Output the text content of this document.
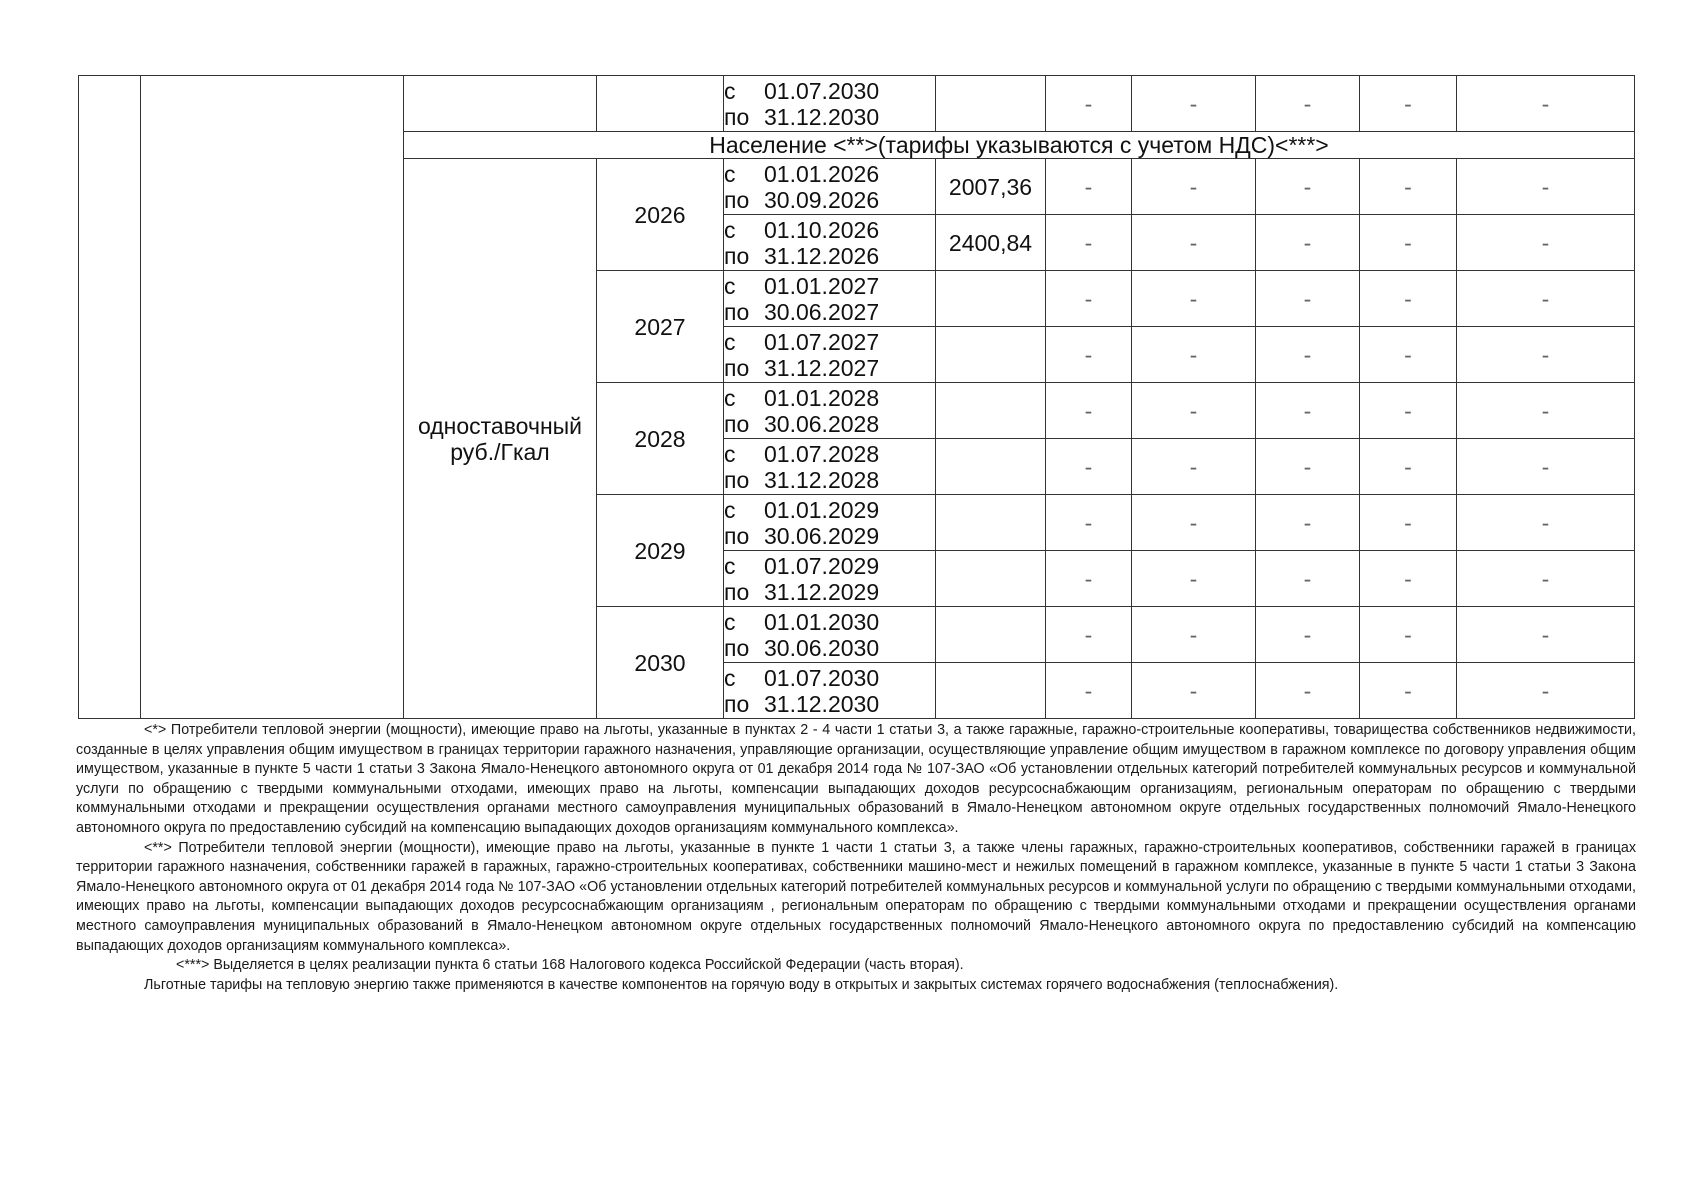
				с 01.07.2030
по 31.12.2030		-	-	-	-	-
		Население <**>(тарифы указываются с учетом НДС)<***>								
		одноставочный
руб./Гкал	2026	с 01.01.2026
по 30.09.2026	2007,36	-	-	-	-	-
				с 01.10.2026
по 31.12.2026	2400,84	-	-	-	-	-
			2027	с 01.01.2027
по 30.06.2027		-	-	-	-	-
				с 01.07.2027
по 31.12.2027		-	-	-	-	-
			2028	с 01.01.2028
по 30.06.2028		-	-	-	-	-
				с 01.07.2028
по 31.12.2028		-	-	-	-	-
			2029	с 01.01.2029
по 30.06.2029		-	-	-	-	-
				с 01.07.2029
по 31.12.2029		-	-	-	-	-
			2030	с 01.01.2030
по 30.06.2030		-	-	-	-	-
				с 01.07.2030
по 31.12.2030		-	-	-	-	-

<*> Потребители тепловой энергии (мощности), имеющие право на льготы, указанные в пунктах 2 - 4 части 1 статьи 3, а также гаражные, гаражно-строительные кооперативы, товарищества собственников недвижимости, созданные в целях управления общим имуществом в границах территории гаражного назначения, управляющие организации, осуществляющие управление общим имуществом в гаражном комплексе по договору управления общим имуществом, указанные в пункте 5 части 1 статьи 3 Закона Ямало-Ненецкого автономного округа от 01 декабря 2014 года № 107-ЗАО «Об установлении отдельных категорий потребителей коммунальных ресурсов и коммунальной услуги по обращению с твердыми коммунальными отходами, имеющих право на льготы, компенсации выпадающих доходов ресурсоснабжающим организациям, региональным операторам по обращению с твердыми коммунальными отходами и прекращении осуществления органами местного самоуправления муниципальных образований в Ямало-Ненецком автономном округе отдельных государственных полномочий Ямало-Ненецкого автономного округа по предоставлению субсидий на компенсацию выпадающих доходов организациям коммунального комплекса».

<**> Потребители тепловой энергии (мощности), имеющие право на льготы, указанные в пункте 1 части 1 статьи 3, а также члены гаражных, гаражно-строительных кооперативов, собственники гаражей в границах территории гаражного назначения, собственники гаражей в гаражных, гаражно-строительных кооперативах, собственники машино-мест и нежилых помещений в гаражном комплексе, указанные в пункте 5 части 1 статьи 3 Закона Ямало-Ненецкого автономного округа от 01 декабря 2014 года № 107-ЗАО «Об установлении отдельных категорий потребителей коммунальных ресурсов и коммунальной услуги по обращению с твердыми коммунальными отходами, имеющих право на льготы, компенсации выпадающих доходов ресурсоснабжающим организациям , региональным операторам по обращению с твердыми коммунальными отходами и прекращении осуществления органами местного самоуправления муниципальных образований в Ямало-Ненецком автономном округе отдельных государственных полномочий Ямало-Ненецкого автономного округа по предоставлению субсидий на компенсацию выпадающих доходов организациям коммунального комплекса».

<***> Выделяется в целях реализации пункта 6 статьи 168 Налогового кодекса Российской Федерации (часть вторая).

Льготные тарифы на тепловую энергию также применяются в качестве компонентов на горячую воду в открытых и закрытых системах горячего водоснабжения (теплоснабжения).
